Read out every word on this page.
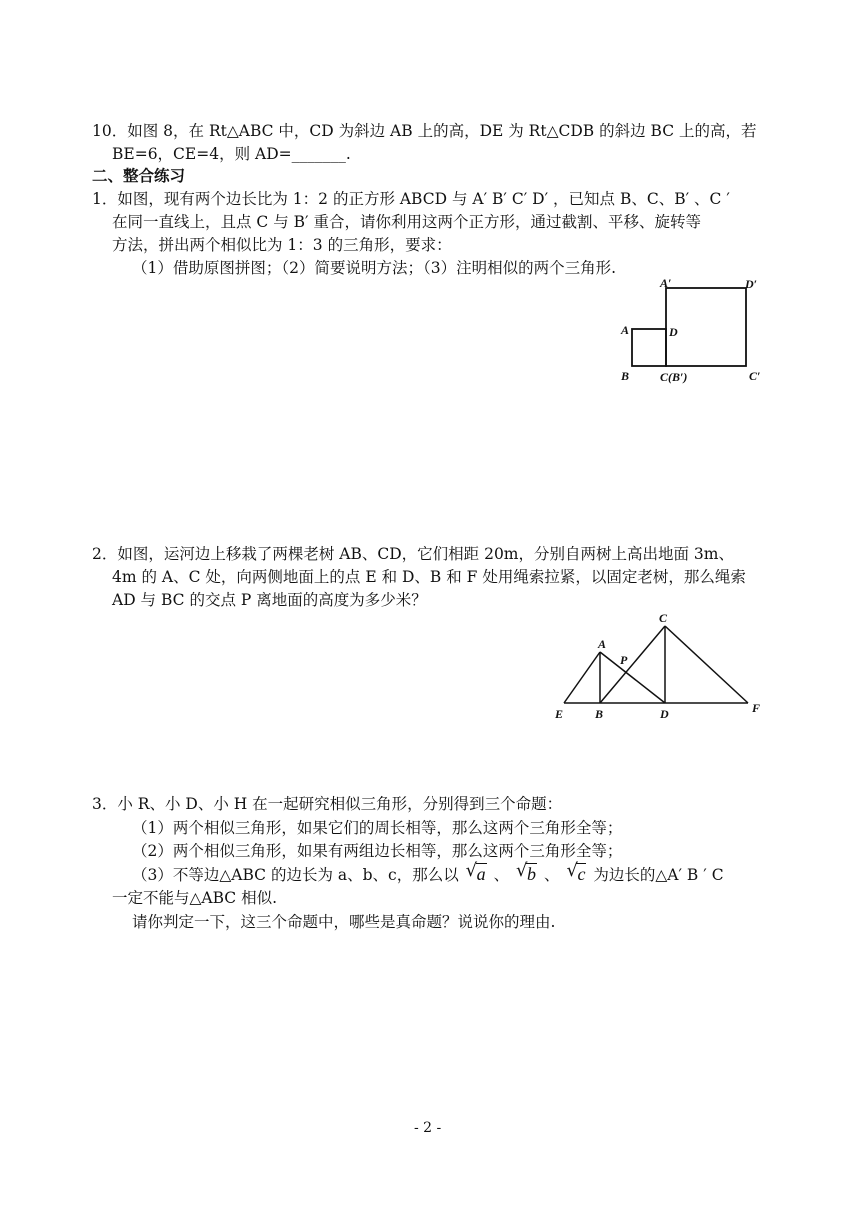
10．如图 8，在 Rt△ABC 中，CD 为斜边 AB 上的高，DE 为 Rt△CDB 的斜边 BC 上的高，若
BE=6，CE=4，则 AD=_______.
二、整合练习
1．如图，现有两个边长比为 1：2 的正方形 ABCD 与 A′ B′ C′ D′ ，已知点 B、C、B′ 、C ′
在同一直线上，且点 C 与 B′ 重合，请你利用这两个正方形，通过截割、平移、旋转等
方法，拼出两个相似比为 1：3 的三角形，要求：
（1）借助原图拼图；（2）简要说明方法；（3）注明相似的两个三角形.
A′	D′
A	D
B	C(B′)	C′
2．如图，运河边上移栽了两棵老树 AB、CD，它们相距 20m，分别自两树上高出地面 3m、
4m 的 A、C 处，向两侧地面上的点 E 和 D、B 和 F 处用绳索拉紧，以固定老树，那么绳索
AD 与 BC 的交点 P 离地面的高度为多少米？
C
A
P
E	B	D	F
3．小 R、小 D、小 H 在一起研究相似三角形，分别得到三个命题：
（1）两个相似三角形，如果它们的周长相等，那么这两个三角形全等；
（2）两个相似三角形，如果有两组边长相等，那么这两个三角形全等；
（3）不等边△ABC 的边长为 a、b、c，那么以 √ a 、 √ b 、 √ c 为边长的△A′ B ′ C
一定不能与△ABC 相似.
请你判定一下，这三个命题中，哪些是真命题？说说你的理由.
- 2 -
